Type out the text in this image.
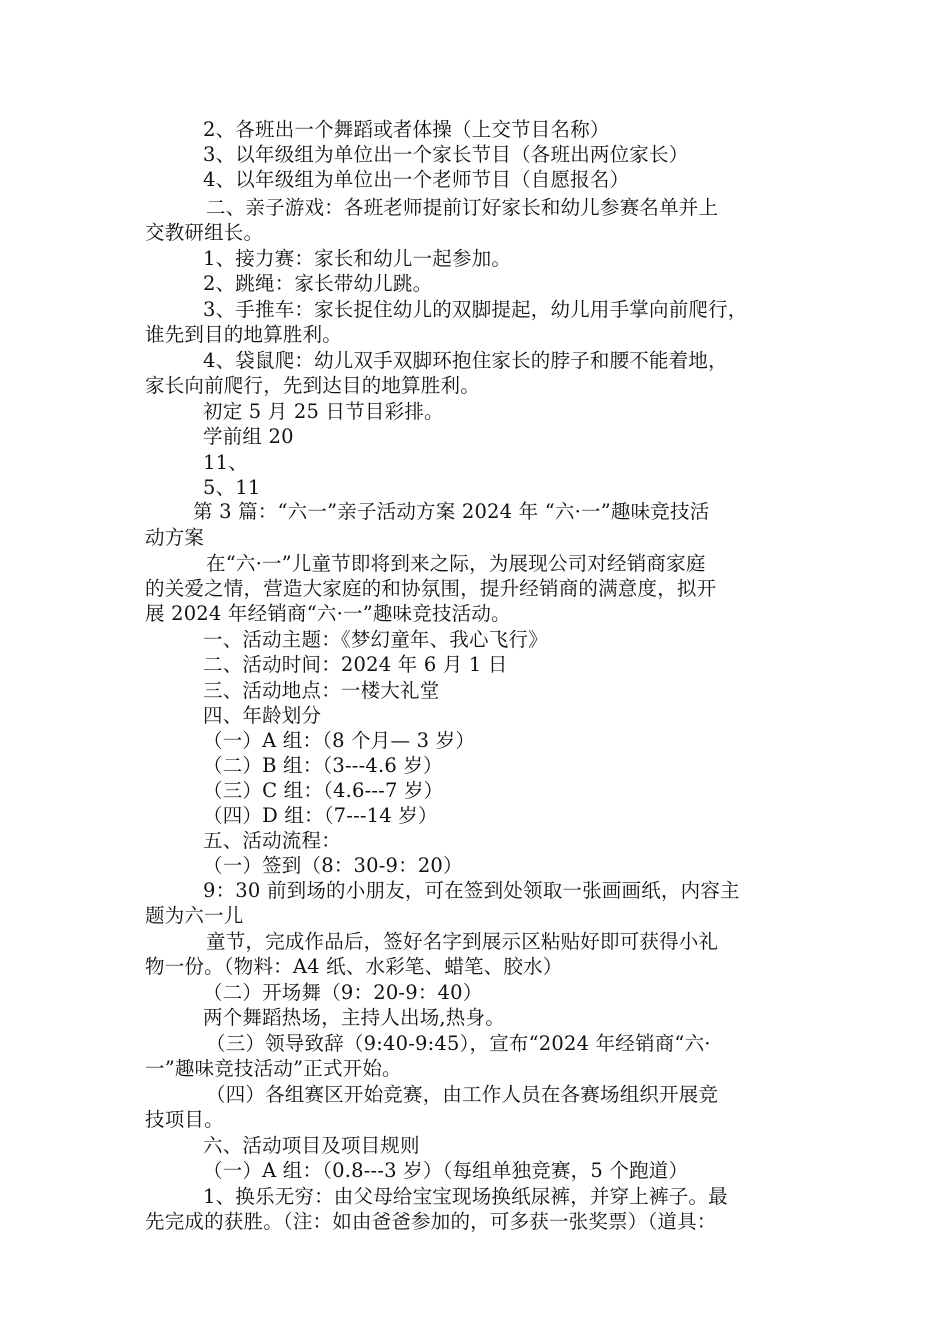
2、各班出一个舞蹈或者体操（上交节目名称）
3、以年级组为单位出一个家长节目（各班出两位家长）
4、以年级组为单位出一个老师节目（自愿报名）
二、亲子游戏：各班老师提前订好家长和幼儿参赛名单并上
交教研组长。
1、接力赛：家长和幼儿一起参加。
2、跳绳：家长带幼儿跳。
3、手推车：家长捉住幼儿的双脚提起，幼儿用手掌向前爬行，
谁先到目的地算胜利。
4、袋鼠爬：幼儿双手双脚环抱住家长的脖子和腰不能着地，
家长向前爬行，先到达目的地算胜利。
初定 5 月 25 日节目彩排。
学前组 20
11、
5、11
第 3 篇：“六一”亲子活动方案 2024 年 “六·一”趣味竞技活
动方案
在“六·一”儿童节即将到来之际，为展现公司对经销商家庭
的关爱之情，营造大家庭的和协氛围，提升经销商的满意度，拟开
展 2024 年经销商“六·一”趣味竞技活动。
一、活动主题：《梦幻童年、我心飞行》
二、活动时间：2024 年 6 月 1 日
三、活动地点：一楼大礼堂
四、年龄划分
（一）A 组：（8 个月— 3 岁）
（二）B 组：（3---4.6 岁）
（三）C 组：（4.6---7 岁）
（四）D 组：（7---14 岁）
五、活动流程：
（一）签到（8：30-9：20）
9：30 前到场的小朋友，可在签到处领取一张画画纸，内容主
题为六一儿
童节，完成作品后，签好名字到展示区粘贴好即可获得小礼
物一份。（物料：A4 纸、水彩笔、蜡笔、胶水）
（二）开场舞（9：20-9：40）
两个舞蹈热场，主持人出场,热身。
（三）领导致辞（9:40-9:45），宣布“2024 年经销商“六·
一”趣味竞技活动”正式开始。
（四）各组赛区开始竞赛，由工作人员在各赛场组织开展竞
技项目。
六、活动项目及项目规则
（一）A 组：（0.8---3 岁）（每组单独竞赛，5 个跑道）
1、换乐无穷：由父母给宝宝现场换纸尿裤，并穿上裤子。最
先完成的获胜。（注：如由爸爸参加的，可多获一张奖票）（道具：
